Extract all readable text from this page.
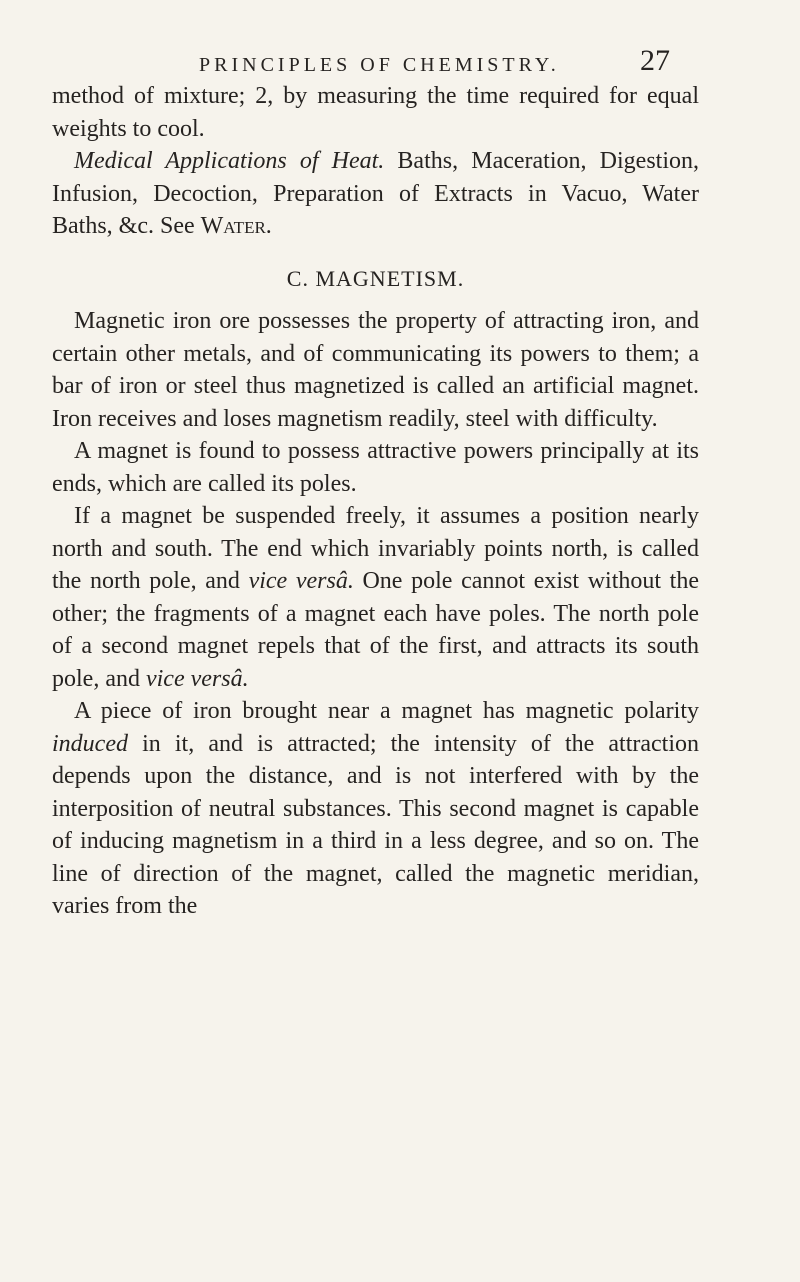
PRINCIPLES OF CHEMISTRY.	27

method of mixture; 2, by measuring the time required for equal weights to cool.

Medical Applications of Heat. Baths, Maceration, Digestion, Infusion, Decoction, Preparation of Extracts in Vacuo, Water Baths, &c. See Water.

C. MAGNETISM.

Magnetic iron ore possesses the property of attracting iron, and certain other metals, and of communicating its powers to them; a bar of iron or steel thus magnetized is called an artificial magnet. Iron receives and loses magnetism readily, steel with difficulty.

A magnet is found to possess attractive powers principally at its ends, which are called its poles.

If a magnet be suspended freely, it assumes a position nearly north and south. The end which invariably points north, is called the north pole, and vice versâ. One pole cannot exist without the other; the fragments of a magnet each have poles. The north pole of a second magnet repels that of the first, and attracts its south pole, and vice versâ.

A piece of iron brought near a magnet has magnetic polarity induced in it, and is attracted; the intensity of the attraction depends upon the distance, and is not interfered with by the interposition of neutral substances. This second magnet is capable of inducing magnetism in a third in a less degree, and so on. The line of direction of the magnet, called the magnetic meridian, varies from the
